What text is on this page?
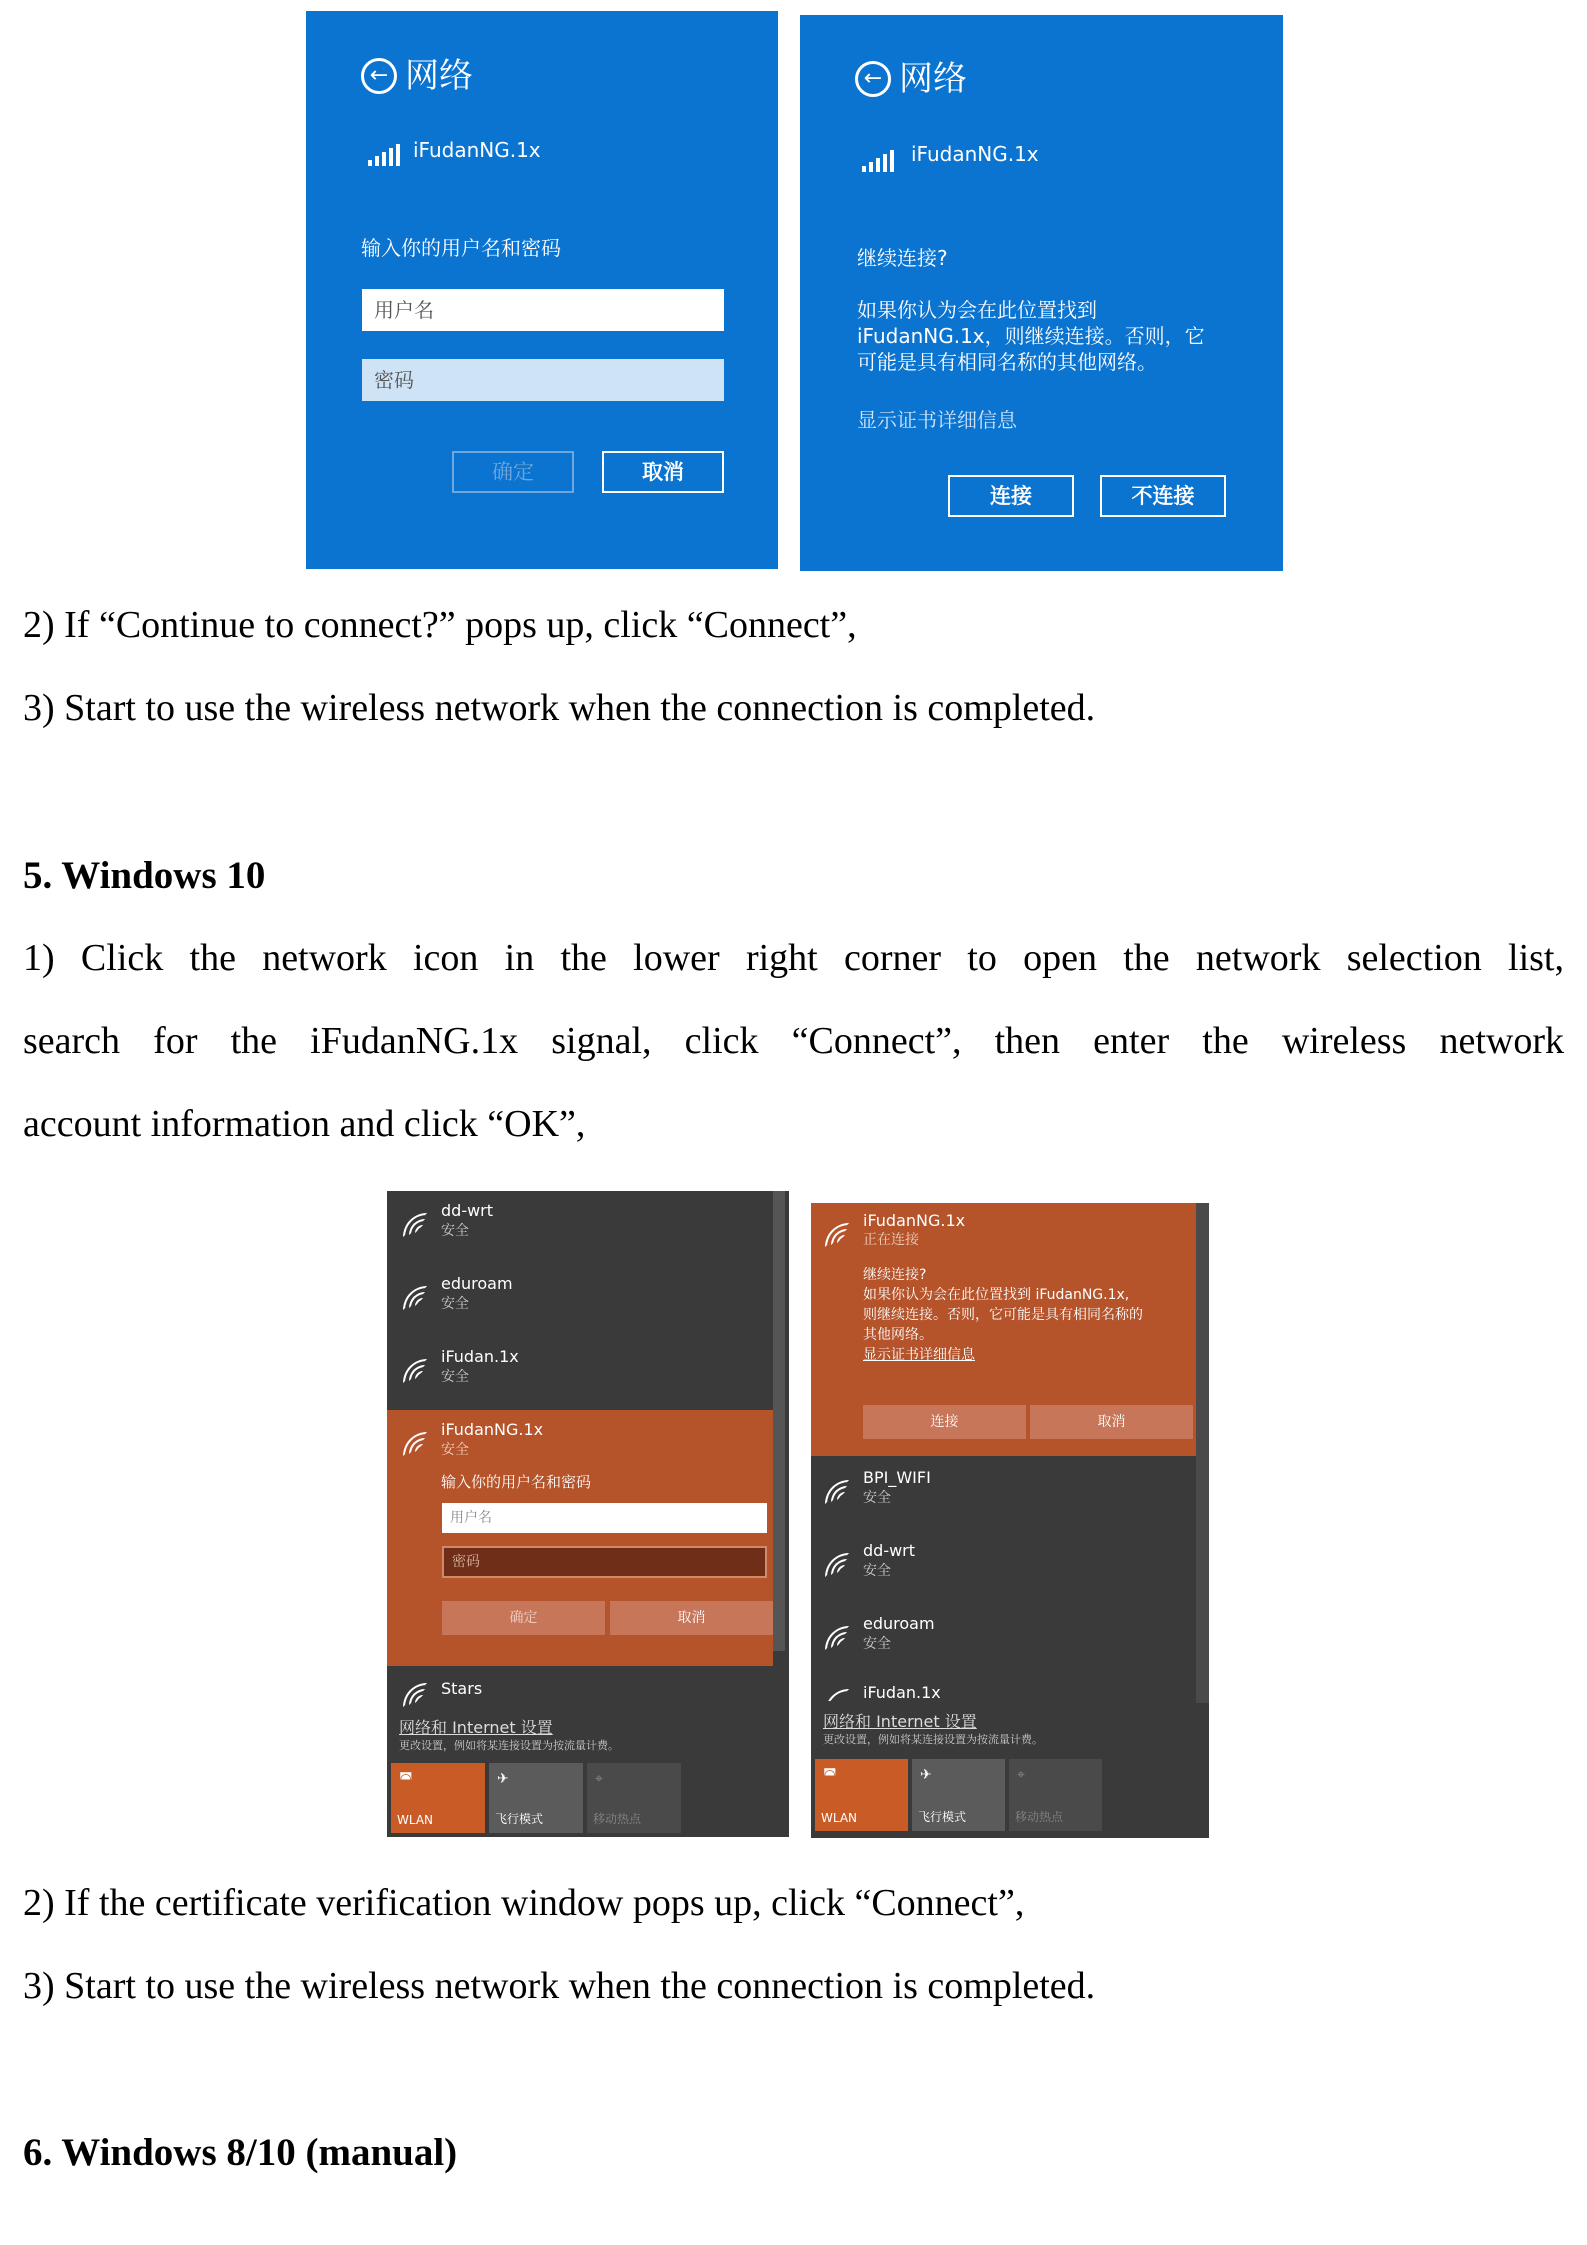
← 网络
iFudanNG.1x
输入你的用户名和密码
用户名
密码
确定	取消
← 网络
iFudanNG.1x
继续连接?
如果你认为会在此位置找到
iFudanNG.1x，则继续连接。否则，它
可能是具有相同名称的其他网络。
显示证书详细信息
连接	不连接
2) If “Continue to connect?” pops up, click “Connect”,
3) Start to use the wireless network when the connection is completed.
5. Windows 10
1) Click the network icon in the lower right corner to open the network selection list,
search for the iFudanNG.1x signal, click “Connect”, then enter the wireless network
account information and click “OK”,
dd-wrt
安全
eduroam
安全
iFudan.1x
安全
iFudanNG.1x
安全
输入你的用户名和密码
用户名
密码
确定	取消
Stars
网络和 Internet 设置
更改设置，例如将某连接设置为按流量计费。
◚
WLAN
✈
飞行模式
⌖
移动热点
iFudanNG.1x
正在连接
继续连接?
如果你认为会在此位置找到 iFudanNG.1x,
则继续连接。否则，它可能是具有相同名称的
其他网络。
显示证书详细信息
连接	取消
BPI_WIFI
安全
dd-wrt
安全
eduroam
安全
iFudan.1x
网络和 Internet 设置
更改设置，例如将某连接设置为按流量计费。
◚
WLAN
✈
飞行模式
⌖
移动热点
2) If the certificate verification window pops up, click “Connect”,
3) Start to use the wireless network when the connection is completed.
6. Windows 8/10 (manual)
